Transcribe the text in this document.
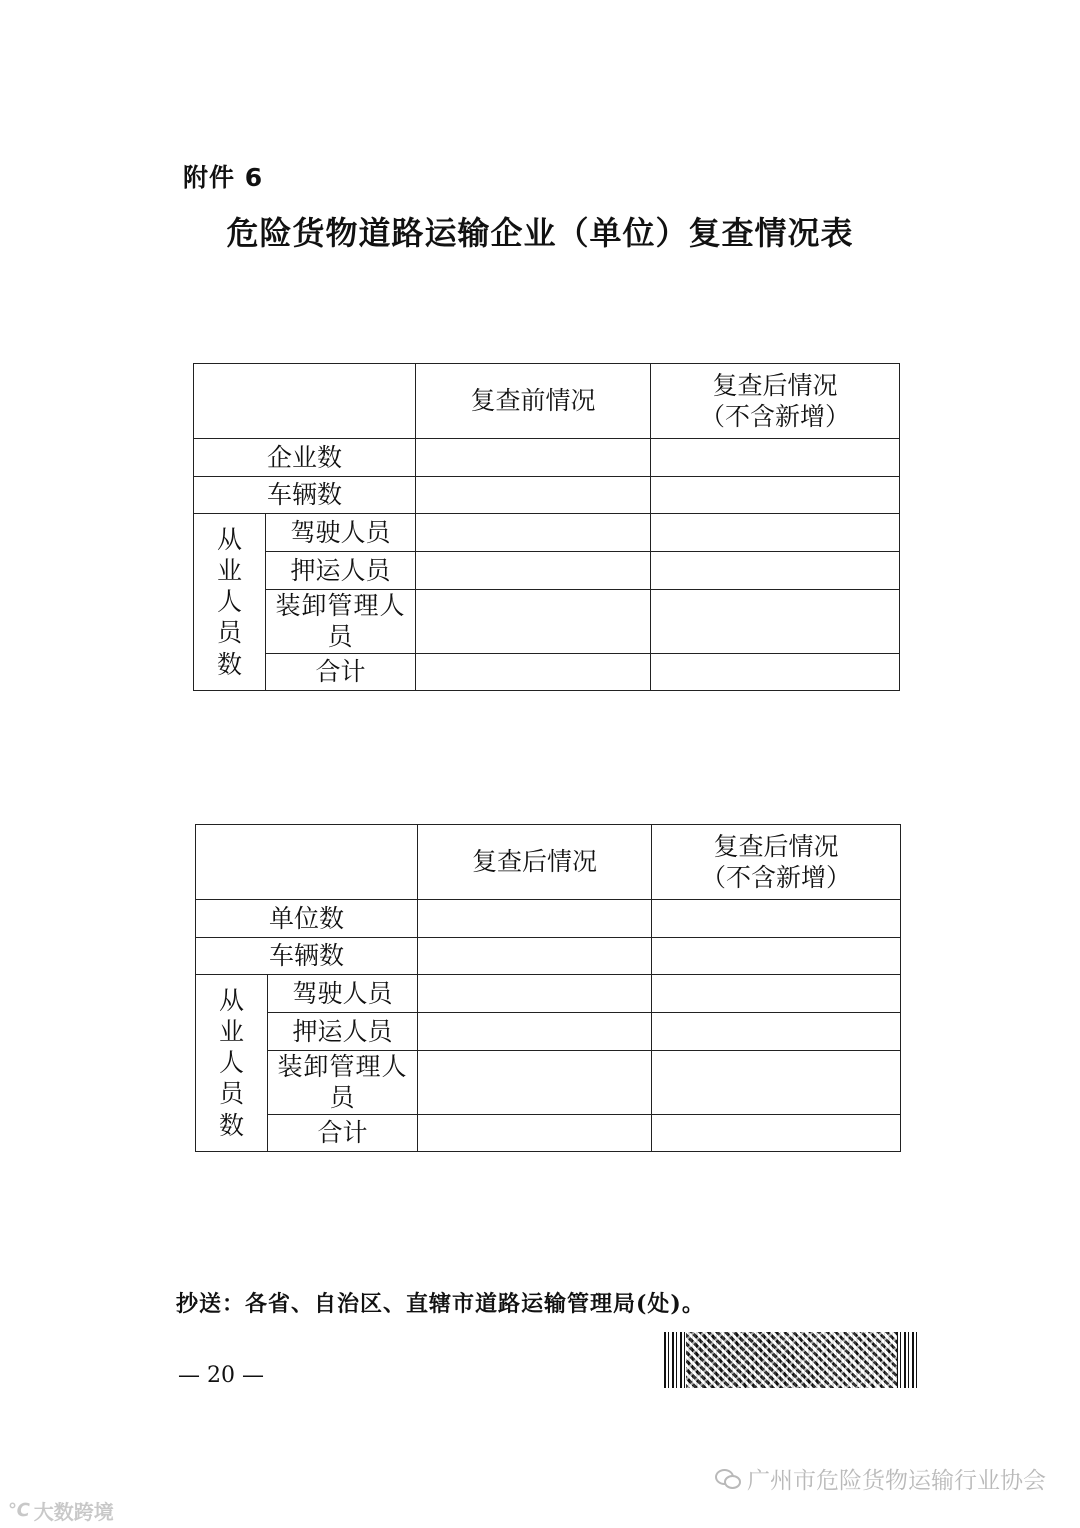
附件 6
危险货物道路运输企业（单位）复查情况表
		复查前情况	复查后情况
（不含新增）

企业数			
车辆数			
从业人员数	驾驶人员		
	押运人员		
	装卸管理人员		
	合计		
		复查后情况	复查后情况
（不含新增）

单位数			
车辆数			
从业人员数	驾驶人员		
	押运人员		
	装卸管理人员		
	合计		
抄送：各省、自治区、直辖市道路运输管理局(处)。
— 20 —
广州市危险货物运输行业协会
℃ 大数跨境
